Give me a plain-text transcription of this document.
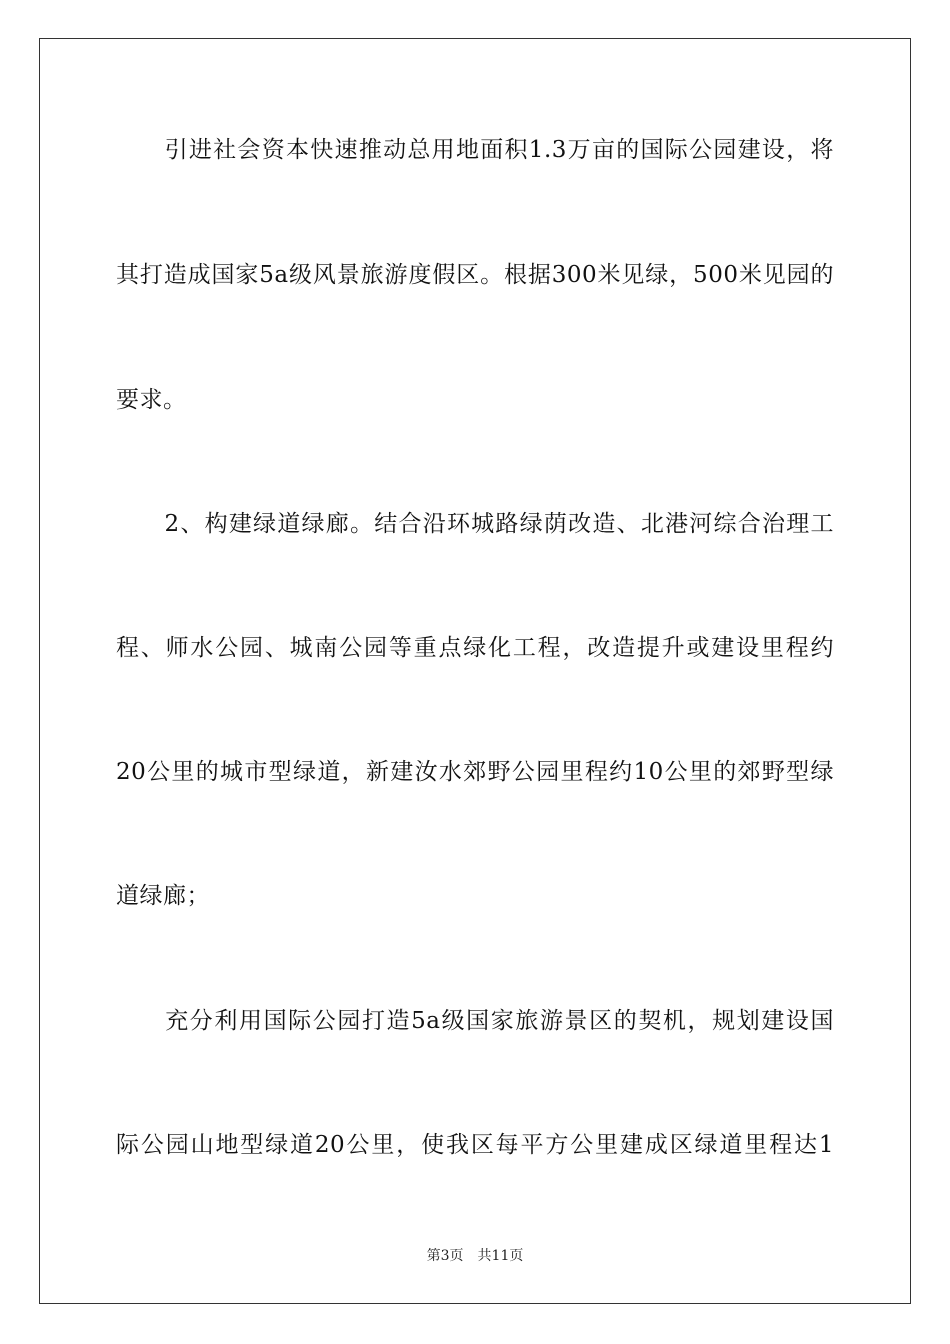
　　引进社会资本快速推动总用地面积1.3万亩的国际公园建设，将
其打造成国家5a级风景旅游度假区。根据300米见绿，500米见园的
要求。
　　2、构建绿道绿廊。结合沿环城路绿荫改造、北港河综合治理工
程、师水公园、城南公园等重点绿化工程，改造提升或建设里程约
20公里的城市型绿道，新建汝水郊野公园里程约10公里的郊野型绿
道绿廊；
　　充分利用国际公园打造5a级国家旅游景区的契机，规划建设国
际公园山地型绿道20公里，使我区每平方公里建成区绿道里程达1
第3页 共11页
